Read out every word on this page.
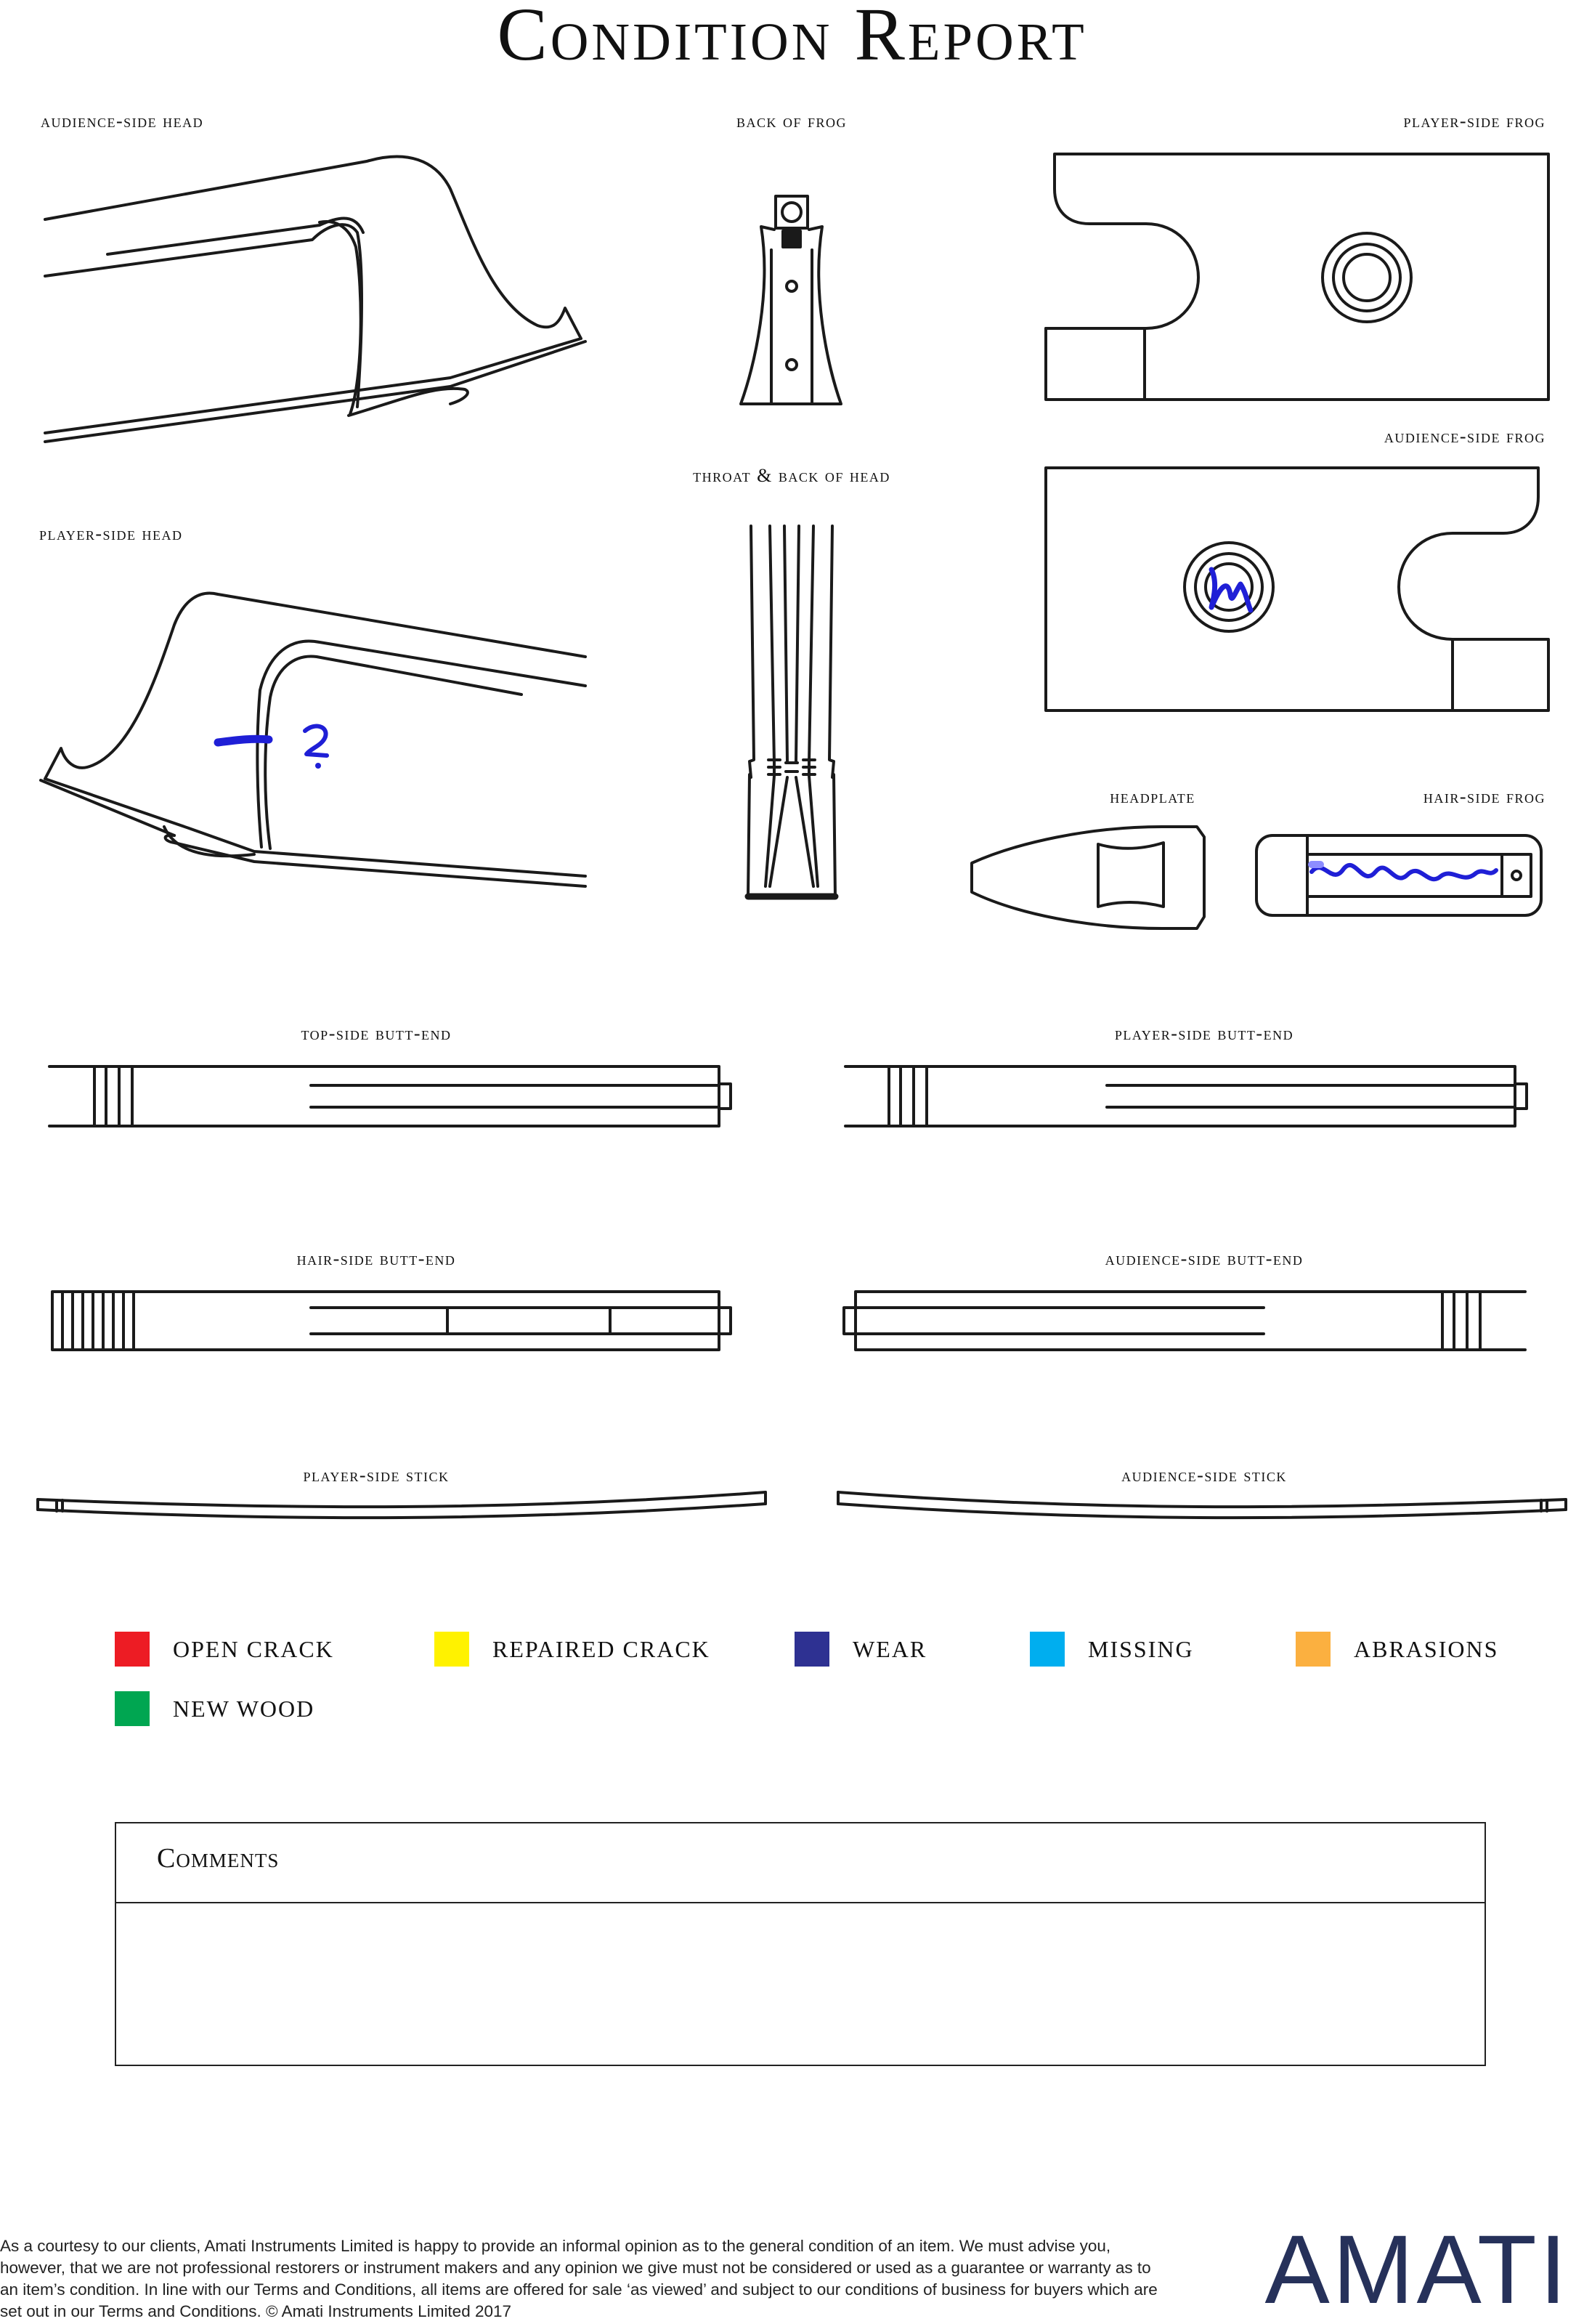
Condition Report
audience-side head	back of frog	player-side frog
audience-side frog
throat & back of head
player-side head
headplate	hair-side frog
top-side butt-end	player-side butt-end
hair-side butt-end	audience-side butt-end
player-side stick	audience-side stick
OPEN CRACK	REPAIRED CRACK	WEAR	MISSING	ABRASIONS
NEW WOOD
Comments
As a courtesy to our clients, Amati Instruments Limited is happy to provide an informal opinion as to the general condition of an item. We must advise you, however, that we are not professional restorers or instrument makers and any opinion we give must not be considered or used as a guarantee or warranty as to an item’s condition. In line with our Terms and Conditions, all items are offered for sale ‘as viewed’ and subject to our conditions of business for buyers which are set out in our Terms and Conditions. © Amati Instruments Limited 2017	AMATI
